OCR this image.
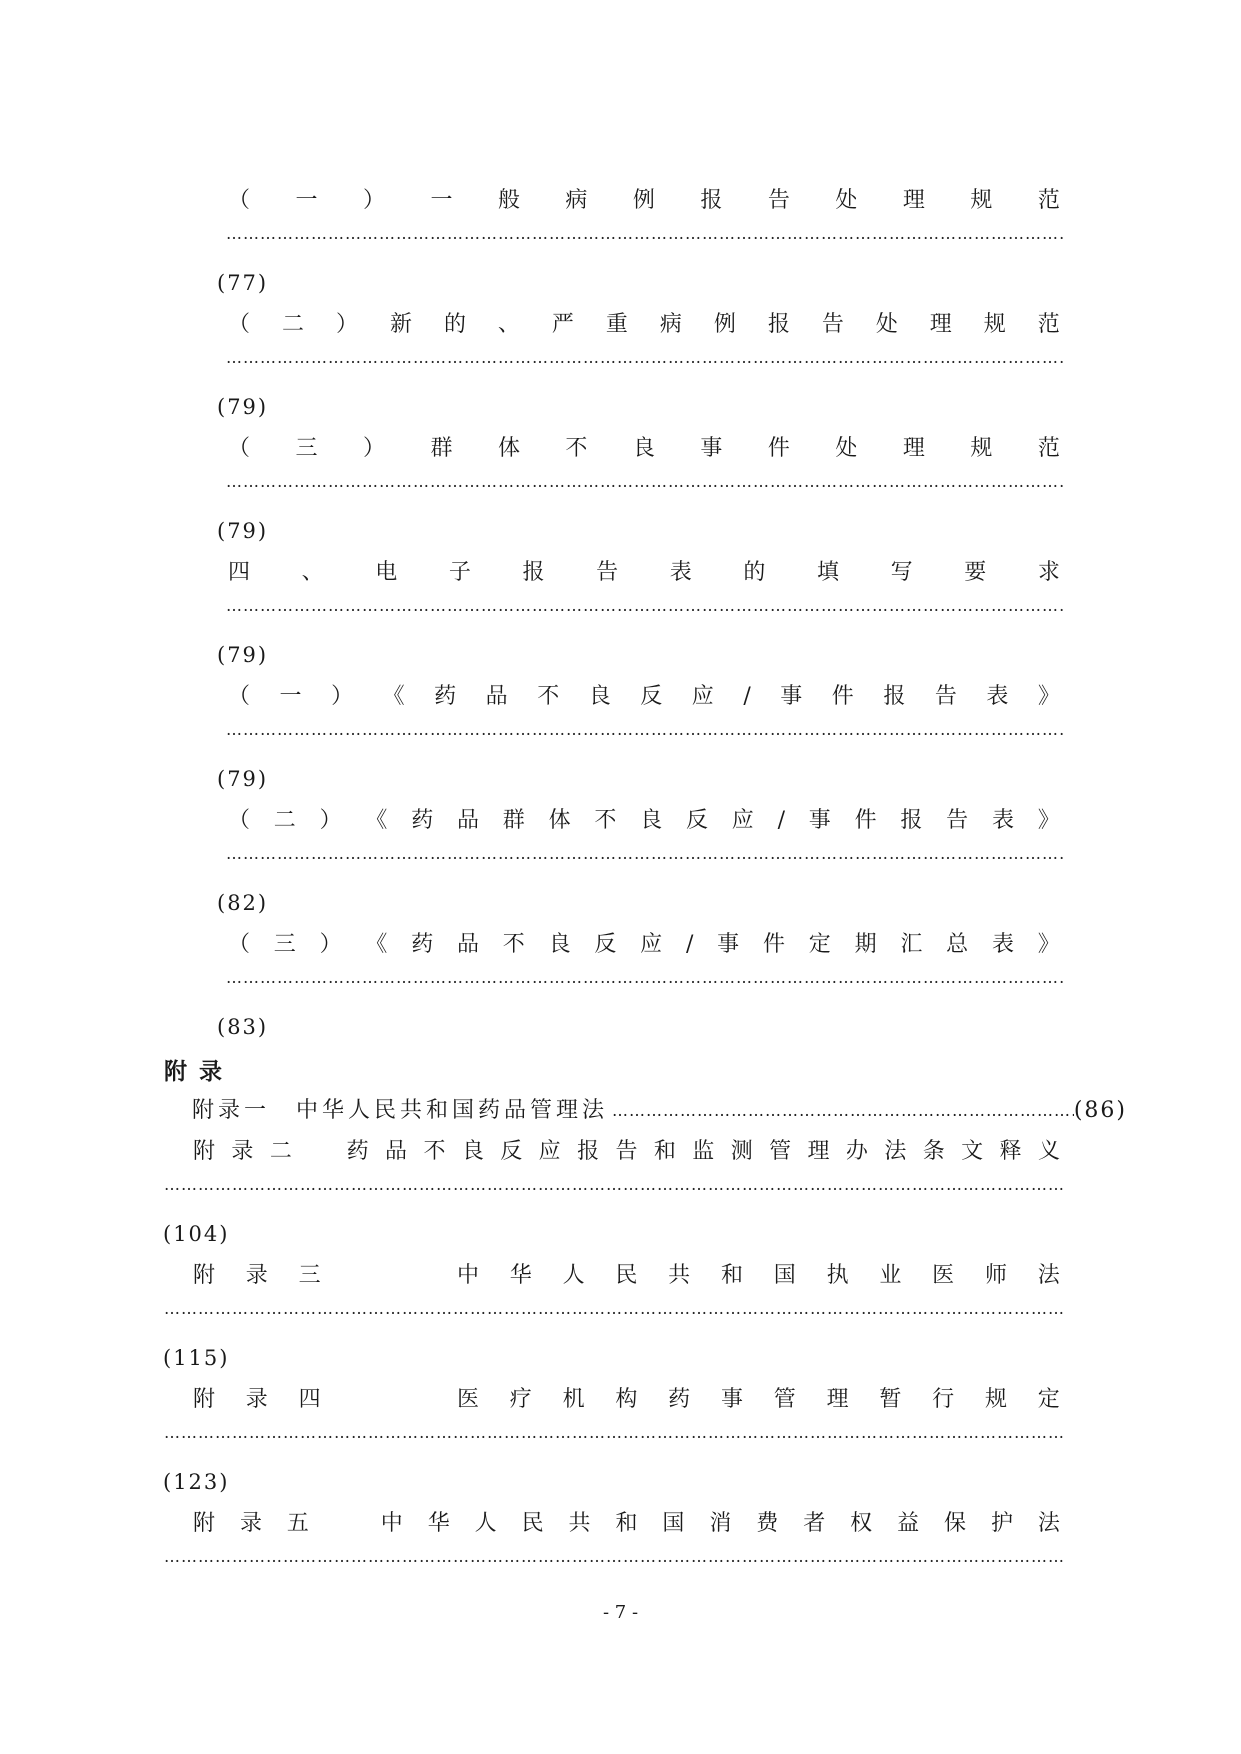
（ 一 ） 一 般 病 例 报 告 处 理 规 范
……………………………………………………………………………………………………………………………………………………………………………………………………………………………………………………………………………………………………
(77)
（ 二 ） 新 的 、 严 重 病 例 报 告 处 理 规 范
……………………………………………………………………………………………………………………………………………………………………………………………………………………………………………………………………………………………………
(79)
（ 三 ） 群 体 不 良 事 件 处 理 规 范
……………………………………………………………………………………………………………………………………………………………………………………………………………………………………………………………………………………………………
(79)
四 、 电 子 报 告 表 的 填 写 要 求
……………………………………………………………………………………………………………………………………………………………………………………………………………………………………………………………………………………………………
(79)
（ 一 ） 《 药 品 不 良 反 应 / 事 件 报 告 表 》
……………………………………………………………………………………………………………………………………………………………………………………………………………………………………………………………………………………………………
(79)
（ 二 ） 《 药 品 群 体 不 良 反 应 / 事 件 报 告 表 》
……………………………………………………………………………………………………………………………………………………………………………………………………………………………………………………………………………………………………
(82)
（ 三 ） 《 药 品 不 良 反 应 / 事 件 定 期 汇 总 表 》
……………………………………………………………………………………………………………………………………………………………………………………………………………………………………………………………………………………………………
(83)
附录
附录一　中华人民共和国药品管理法
……………………………………………………………………………………………………………………	(86)
附 录 二
　 药 品 不 良 反 应 报 告 和 监 测 管 理 办 法 条 文 释 义
……………………………………………………………………………………………………………………………………………………………………………………………………………………………………………………………………………………………………
(104)
附 录 三

　	中 华 人 民 共 和 国 执 业 医 师 法
……………………………………………………………………………………………………………………………………………………………………………………………………………………………………………………………………………………………………
(115)
附 录 四

　	医 疗 机 构 药 事 管 理 暂 行 规 定
……………………………………………………………………………………………………………………………………………………………………………………………………………………………………………………………………………………………………
(123)
附 录 五
　	中 华 人 民 共 和 国 消 费 者 权 益 保 护 法
……………………………………………………………………………………………………………………………………………………………………………………………………………………………………………………………………………………………………
- 7 -
